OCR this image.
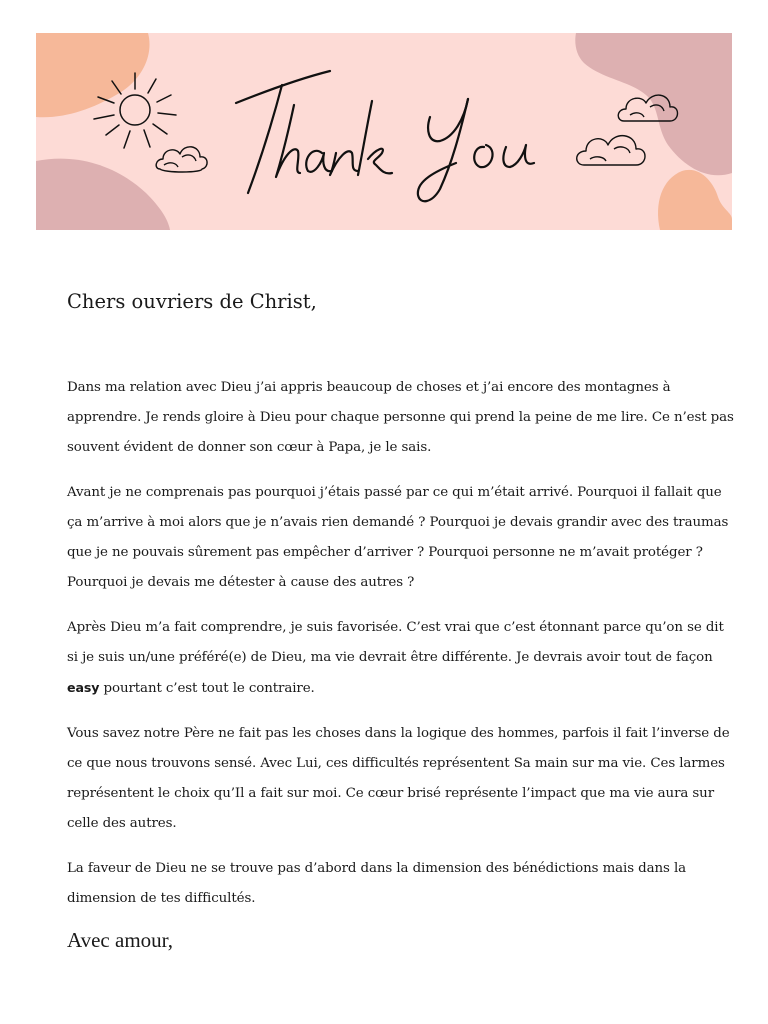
Chers ouvriers de Christ,

Dans ma relation avec Dieu j’ai appris beaucoup de choses et j’ai encore des montagnes à apprendre. Je rends gloire à Dieu pour chaque personne qui prend la peine de me lire. Ce n’est pas souvent évident de donner son cœur à Papa, je le sais.

Avant je ne comprenais pas pourquoi j’étais passé par ce qui m’était arrivé. Pourquoi il fallait que ça m’arrive à moi alors que je n’avais rien demandé ? Pourquoi je devais grandir avec des traumas que je ne pouvais sûrement pas empêcher d’arriver ? Pourquoi personne ne m’avait protéger ? Pourquoi je devais me détester à cause des autres ?

Après Dieu m’a fait comprendre, je suis favorisée. C’est vrai que c’est étonnant parce qu’on se dit si je suis un/une préféré(e) de Dieu, ma vie devrait être différente. Je devrais avoir tout de façon easy pourtant c’est tout le contraire.

Vous savez notre Père ne fait pas les choses dans la logique des hommes, parfois il fait l’inverse de ce que nous trouvons sensé. Avec Lui, ces difficultés représentent Sa main sur ma vie. Ces larmes représentent le choix qu’Il a fait sur moi. Ce cœur brisé représente l’impact que ma vie aura sur celle des autres.

La faveur de Dieu ne se trouve pas d’abord dans la dimension des bénédictions mais dans la dimension de tes difficultés.

Avec amour,
